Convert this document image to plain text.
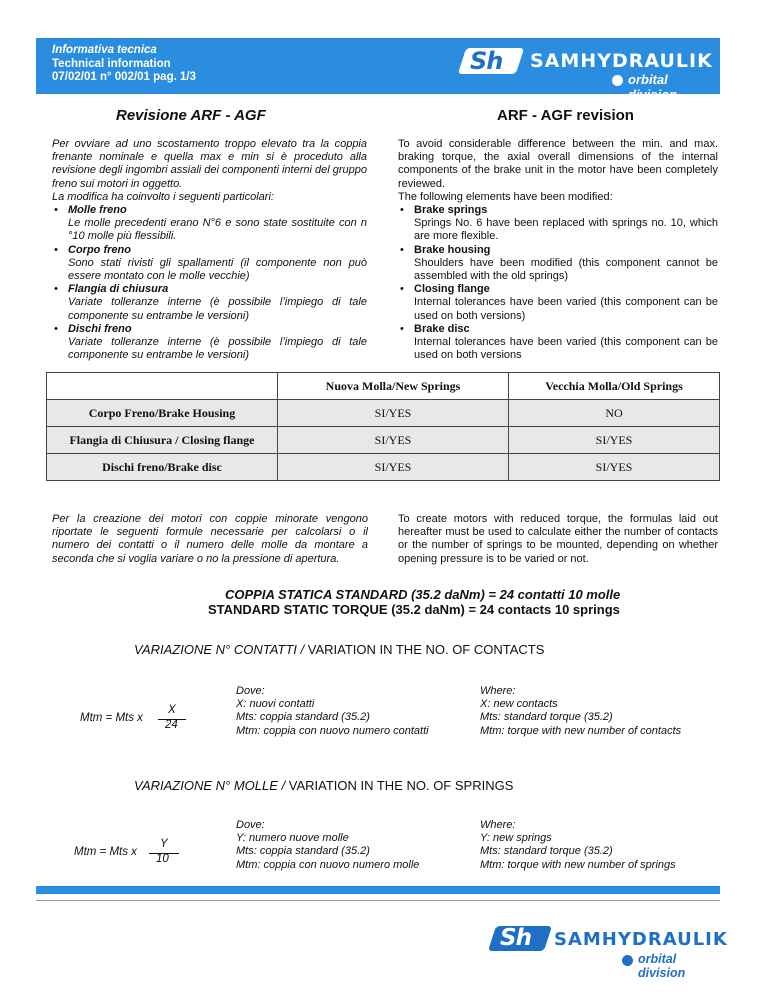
Informativa tecnica
Technical information
07/02/01 n° 002/01 pag. 1/3
Sh SAMHYDRAULIK
orbital division
Revisione ARF - AGF	ARF - AGF revision
Per ovviare ad uno scostamento troppo elevato tra la coppia frenante nominale e quella max e min si è proceduto alla revisione degli ingombri assiali dei componenti interni del gruppo freno sui motori in oggetto.
La modifica ha coinvolto i seguenti particolari:
• Molle freno
Le molle precedenti erano N°6 e sono state sostituite con n °10 molle più flessibili.
• Corpo freno
Sono stati rivisti gli spallamenti (il componente non può essere montato con le molle vecchie)
• Flangia di chiusura
Variate tolleranze interne (è possibile l’impiego di tale componente su entrambe le versioni)
• Dischi freno
Variate tolleranze interne (è possibile l’impiego di tale componente su entrambe le versioni)
To avoid considerable difference between the min. and max. braking torque, the axial overall dimensions of the internal components of the brake unit in the motor have been completely reviewed.
The following elements have been modified:
• Brake springs
Springs No. 6 have been replaced with springs no. 10, which are more flexible.
• Brake housing
Shoulders have been modified (this component cannot be assembled with the old springs)
• Closing flange
Internal tolerances have been varied (this component can be used on both versions)
• Brake disc
Internal tolerances have been varied (this component can be used on both versions
	Nuova Molla/New Springs	Vecchia Molla/Old Springs
Corpo Freno/Brake Housing	SI/YES	NO
Flangia di Chiusura / Closing flange	SI/YES	SI/YES
Dischi freno/Brake disc	SI/YES	SI/YES
Per la creazione dei motori con coppie minorate vengono riportate le seguenti formule necessarie per calcolarsi o il numero dei contatti o il numero delle molle da montare a seconda che si voglia variare o no la pressione di apertura.
To create motors with reduced torque, the formulas laid out hereafter must be used to calculate either the number of contacts or the number of springs to be mounted, depending on whether opening pressure is to be varied or not.
COPPIA STATICA STANDARD (35.2 daNm) = 24 contatti 10 molle
STANDARD STATIC TORQUE (35.2 daNm) = 24 contacts 10 springs
VARIAZIONE N° CONTATTI / VARIATION IN THE NO. OF CONTACTS
Mtm = Mts x
X
24
Dove:
X: nuovi contatti
Mts: coppia standard (35.2)
Mtm: coppia con nuovo numero contatti
Where:
X: new contacts
Mts: standard torque (35.2)
Mtm: torque with new number of contacts
VARIAZIONE N° MOLLE / VARIATION IN THE NO. OF SPRINGS
Mtm = Mts x
Y
10
Dove:
Y: numero nuove molle
Mts: coppia standard (35.2)
Mtm: coppia con nuovo numero molle
Where:
Y: new springs
Mts: standard torque (35.2)
Mtm: torque with new number of springs
Sh SAMHYDRAULIK
orbital division
